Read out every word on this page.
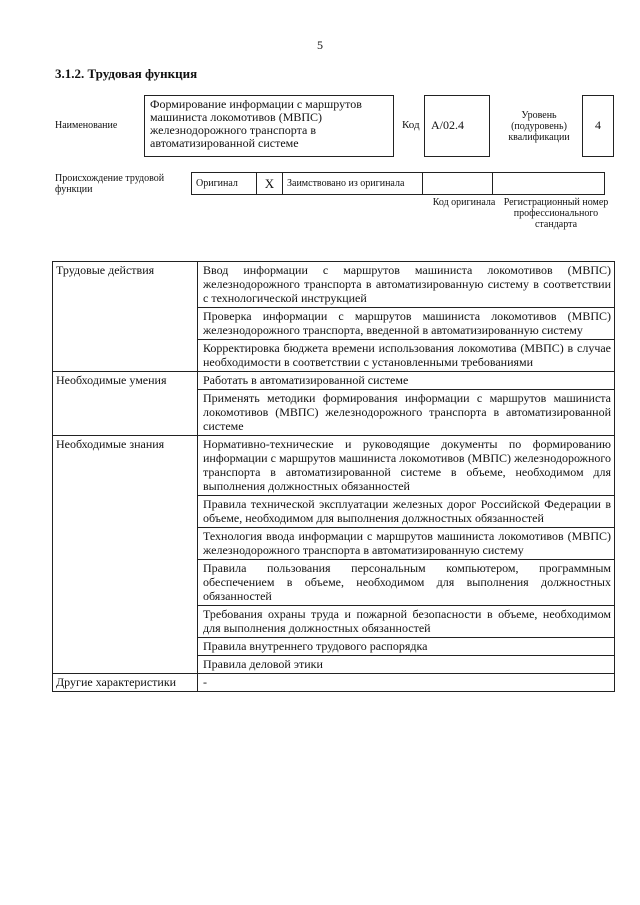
5
3.1.2. Трудовая функция
Наименование
Формирование информации с маршрутов машиниста локомотивов (МВПС) железнодорожного транспорта в автоматизированной системе
Код A/02.4
Уровень (подуровень) квалификации
4
Происхождение трудовой функции
Оригинал	X	Заимствовано из оригинала		
Код оригинала Регистрационный номер профессионального стандарта
Трудовые действия	Ввод информации с маршрутов машиниста локомотивов (МВПС) железнодорожного транспорта в автоматизированную систему в соответствии с технологической инструкцией
	Проверка информации с маршрутов машиниста локомотивов (МВПС) железнодорожного транспорта, введенной в автоматизированную систему
	Корректировка бюджета времени использования локомотива (МВПС) в случае необходимости в соответствии с установленными требованиями
Необходимые умения	Работать в автоматизированной системе
	Применять методики формирования информации с маршрутов машиниста локомотивов (МВПС) железнодорожного транспорта в автоматизированной системе
Необходимые знания	Нормативно-технические и руководящие документы по формированию информации с маршрутов машиниста локомотивов (МВПС) железнодорожного транспорта в автоматизированной системе в объеме, необходимом для выполнения должностных обязанностей
	Правила технической эксплуатации железных дорог Российской Федерации в объеме, необходимом для выполнения должностных обязанностей
	Технология ввода информации с маршрутов машиниста локомотивов (МВПС) железнодорожного транспорта в автоматизированную систему
	Правила пользования персональным компьютером, программным обеспечением в объеме, необходимом для выполнения должностных обязанностей
	Требования охраны труда и пожарной безопасности в объеме, необходимом для выполнения должностных обязанностей
	Правила внутреннего трудового распорядка
	Правила деловой этики
Другие характеристики	-
